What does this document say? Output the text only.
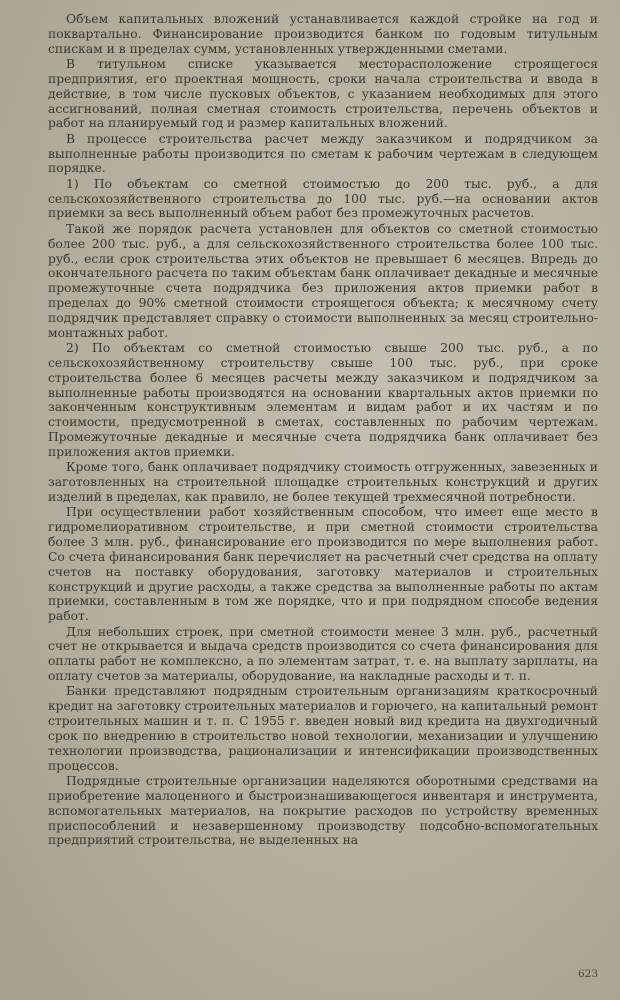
Объем капитальных вложений устанавливается каждой стройке на год и поквартально. Финансирование производится банком по годовым титульным спискам и в пределах сумм, установленных утвержденными сметами.

В титульном списке указывается месторасположение строящегося предприятия, его проектная мощность, сроки начала строительства и ввода в действие, в том числе пусковых объектов, с указанием необходимых для этого ассигнований, полная сметная стоимость строительства, перечень объектов и работ на планируемый год и размер капитальных вложений.

В процессе строительства расчет между заказчиком и подрядчиком за выполненные работы производится по сметам к рабочим чертежам в следующем порядке.

1) По объектам со сметной стоимостью до 200 тыс. руб., а для сельскохозяйственного строительства до 100 тыс. руб.—на основании актов приемки за весь выполненный объем работ без промежуточных расчетов.

Такой же порядок расчета установлен для объектов со сметной стоимостью более 200 тыс. руб., а для сельскохозяйственного строительства более 100 тыс. руб., если срок строительства этих объектов не превышает 6 месяцев. Впредь до окончательного расчета по таким объектам банк оплачивает декадные и месячные промежуточные счета подрядчика без приложения актов приемки работ в пределах до 90% сметной стоимости строящегося объекта; к месячному счету подрядчик представляет справку о стоимости выполненных за месяц строительно-монтажных работ.

2) По объектам со сметной стоимостью свыше 200 тыс. руб., а по сельскохозяйственному строительству свыше 100 тыс. руб., при сроке строительства более 6 месяцев расчеты между заказчиком и подрядчиком за выполненные работы производятся на основании квартальных актов приемки по законченным конструктивным элементам и видам работ и их частям и по стоимости, предусмотренной в сметах, составленных по рабочим чертежам. Промежуточные декадные и месячные счета подрядчика банк оплачивает без приложения актов приемки.

Кроме того, банк оплачивает подрядчику стоимость отгруженных, завезенных и заготовленных на строительной площадке строительных конструкций и других изделий в пределах, как правило, не более текущей трехмесячной потребности.

При осуществлении работ хозяйственным способом, что имеет еще место в гидромелиоративном строительстве, и при сметной стоимости строительства более 3 млн. руб., финансирование его производится по мере выполнения работ. Со счета финансирования банк перечисляет на расчетный счет средства на оплату счетов на поставку оборудования, заготовку материалов и строительных конструкций и другие расходы, а также средства за выполненные работы по актам приемки, составленным в том же порядке, что и при подрядном способе ведения работ.

Для небольших строек, при сметной стоимости менее 3 млн. руб., расчетный счет не открывается и выдача средств производится со счета финансирования для оплаты работ не комплексно, а по элементам затрат, т. е. на выплату зарплаты, на оплату счетов за материалы, оборудование, на накладные расходы и т. п.

Банки представляют подрядным строительным организациям краткосрочный кредит на заготовку строительных материалов и горючего, на капитальный ремонт строительных машин и т. п. С 1955 г. введен новый вид кредита на двухгодичный срок по внедрению в строительство новой технологии, механизации и улучшению технологии производства, рационализации и интенсификации производственных процессов.

Подрядные строительные организации наделяются оборотными средствами на приобретение малоценного и быстроизнашивающегося инвентаря и инструмента, вспомогательных материалов, на покрытие расходов по устройству временных приспособлений и незавершенному производству подсобно-вспомогательных предприятий строительства, не выделенных на

623
